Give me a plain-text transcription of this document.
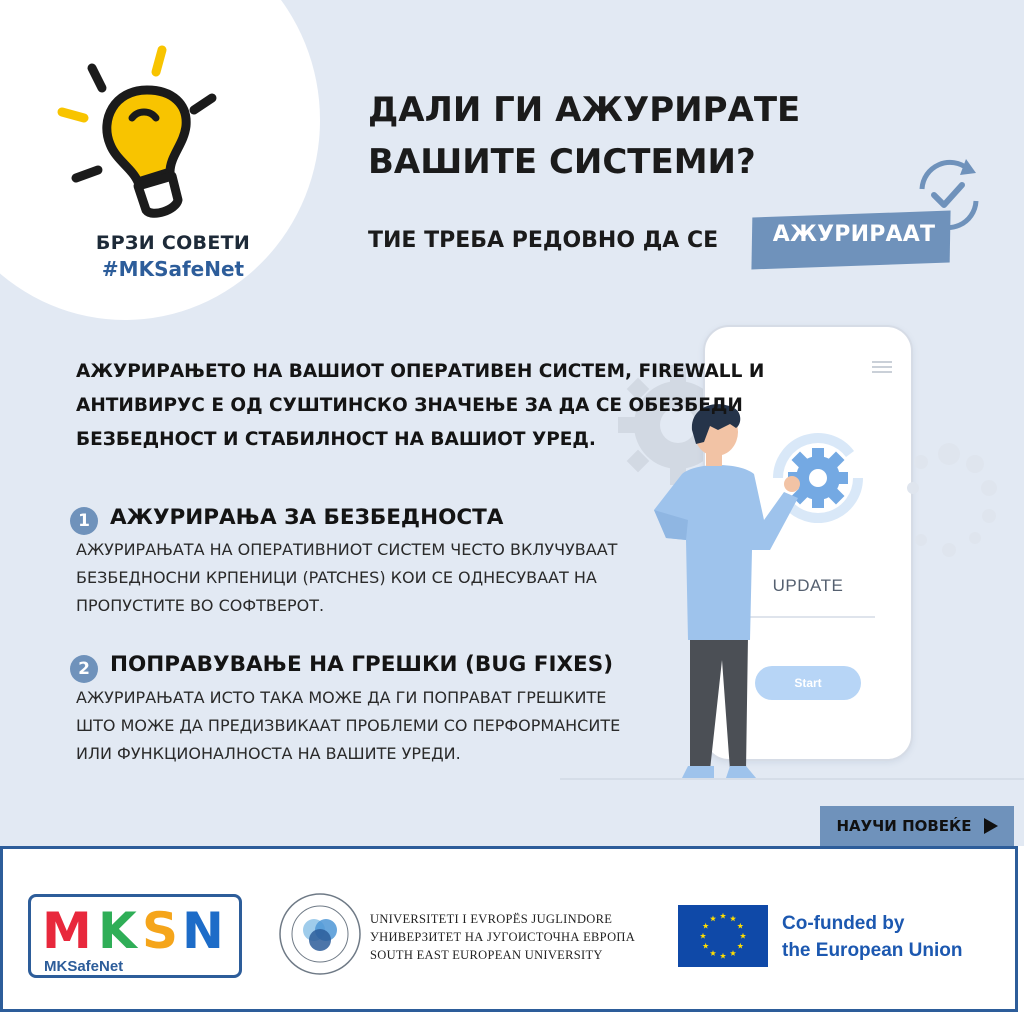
БРЗИ СОВЕТИ
#MKSafeNet
ДАЛИ ГИ АЖУРИРАТЕ
ВАШИТЕ СИСТЕМИ?
ТИЕ ТРЕБА РЕДОВНО ДА СЕ	АЖУРИРААТ
UPDATE
Start
АЖУРИРАЊЕТО НА ВАШИОТ ОПЕРАТИВЕН СИСТЕМ, FIREWALL И
АНТИВИРУС Е ОД СУШТИНСКО ЗНАЧЕЊЕ ЗА ДА СЕ ОБЕЗБЕДИ
БЕЗБЕДНОСТ И СТАБИЛНОСТ НА ВАШИОТ УРЕД.
1 АЖУРИРАЊА ЗА БЕЗБЕДНОСТА
АЖУРИРАЊАТА НА ОПЕРАТИВНИОТ СИСТЕМ ЧЕСТО ВКЛУЧУВААТ
БЕЗБЕДНОСНИ КРПЕНИЦИ (PATCHES) КОИ СЕ ОДНЕСУВААТ НА
ПРОПУСТИТЕ ВО СОФТВЕРОТ.
2 ПОПРАВУВАЊЕ НА ГРЕШКИ (BUG FIXES)
АЖУРИРАЊАТА ИСТО ТАКА МОЖЕ ДА ГИ ПОПРАВАТ ГРЕШКИТЕ
ШТО МОЖЕ ДА ПРЕДИЗВИКААТ ПРОБЛЕМИ СО ПЕРФОРМАНСИТЕ
ИЛИ ФУНКЦИОНАЛНОСТА НА ВАШИТЕ УРЕДИ.
НАУЧИ ПОВЕЌЕ
M K S N
MKSafeNet
UNIVERSITETI I EVROPËS JUGLINDORE
УНИВЕРЗИТЕТ НА ЈУГОИСТОЧНА ЕВРОПА
SOUTH EAST EUROPEAN UNIVERSITY
Co-funded by
the European Union
